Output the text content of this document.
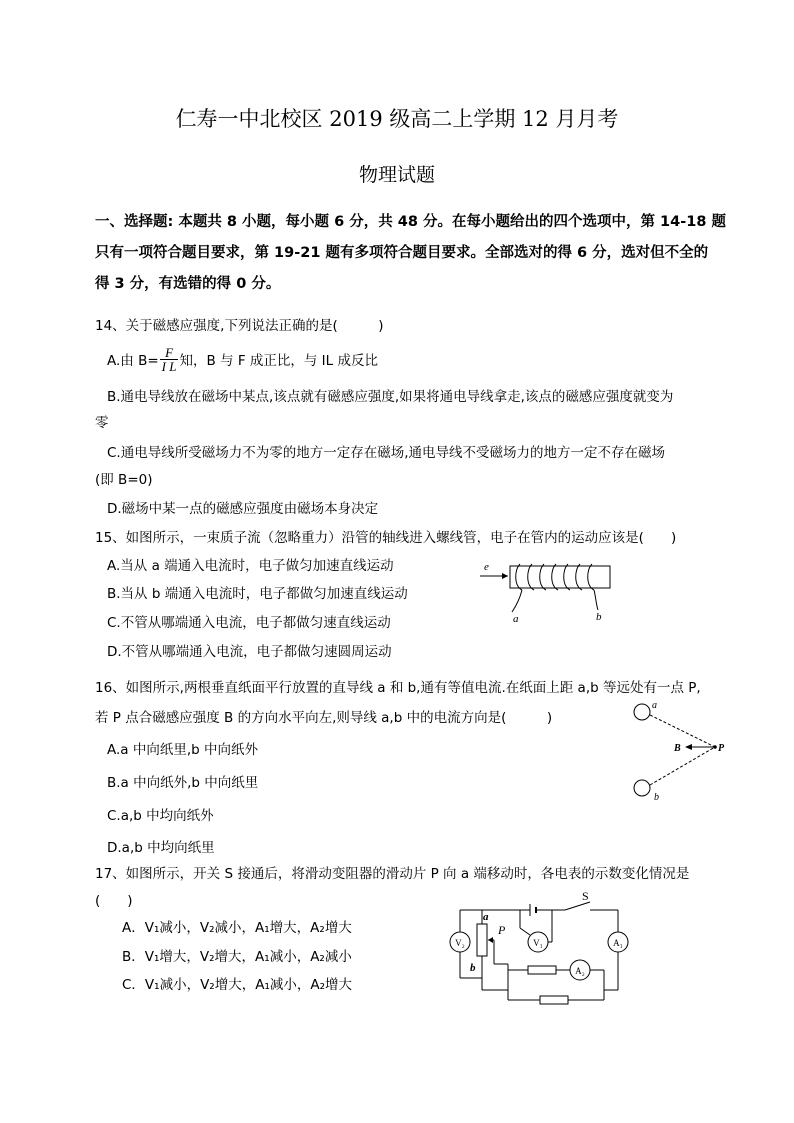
仁寿一中北校区 2019 级高二上学期 12 月月考
物理试题
一、选择题: 本题共 8 小题，每小题 6 分，共 48 分。在每小题给出的四个选项中，第 14-18 题
只有一项符合题目要求，第 19-21 题有多项符合题目要求。全部选对的得 6 分，选对但不全的
得 3 分，有选错的得 0 分。
14、关于磁感应强度,下列说法正确的是(　　　)
A.由 $B= \frac{F}{\text{I L}}$ 知，B 与 F 成正比，与 IL 成反比
B.通电导线放在磁场中某点,该点就有磁感应强度,如果将通电导线拿走,该点的磁感应强度就变为
零
C.通电导线所受磁场力不为零的地方一定存在磁场,通电导线不受磁场力的地方一定不存在磁场
(即 B=0)
D.磁场中某一点的磁感应强度由磁场本身决定
15、如图所示，一束质子流（忽略重力）沿管的轴线进入螺线管，电子在管内的运动应该是(　　)
A.当从 a 端通入电流时，电子做匀加速直线运动
B.当从 b 端通入电流时，电子都做匀加速直线运动
C.不管从哪端通入电流，电子都做匀速直线运动
D.不管从哪端通入电流，电子都做匀速圆周运动
e
a	b
16、如图所示,两根垂直纸面平行放置的直导线 a 和 b,通有等值电流.在纸面上距 a,b 等远处有一点 P,
若 P 点合磁感应强度 B 的方向水平向左,则导线 a,b 中的电流方向是(　　　)
A.a 中向纸里,b 中向纸外
B.a 中向纸外,b 中向纸里
C.a,b 中均向纸外
D.a,b 中均向纸里
a
b
B	P
17、如图所示，开关 S 接通后，将滑动变阻器的滑动片 P 向 a 端移动时，各电表的示数变化情况是
(　　)
A．V₁减小，V₂减小，A₁增大，A₂增大
B．V₁增大，V₂增大，A₁减小，A₂减小
C．V₁减小，V₂增大，A₁减小，A₂增大
S
a
P
b
V₁
V₂	A₁
A₂
